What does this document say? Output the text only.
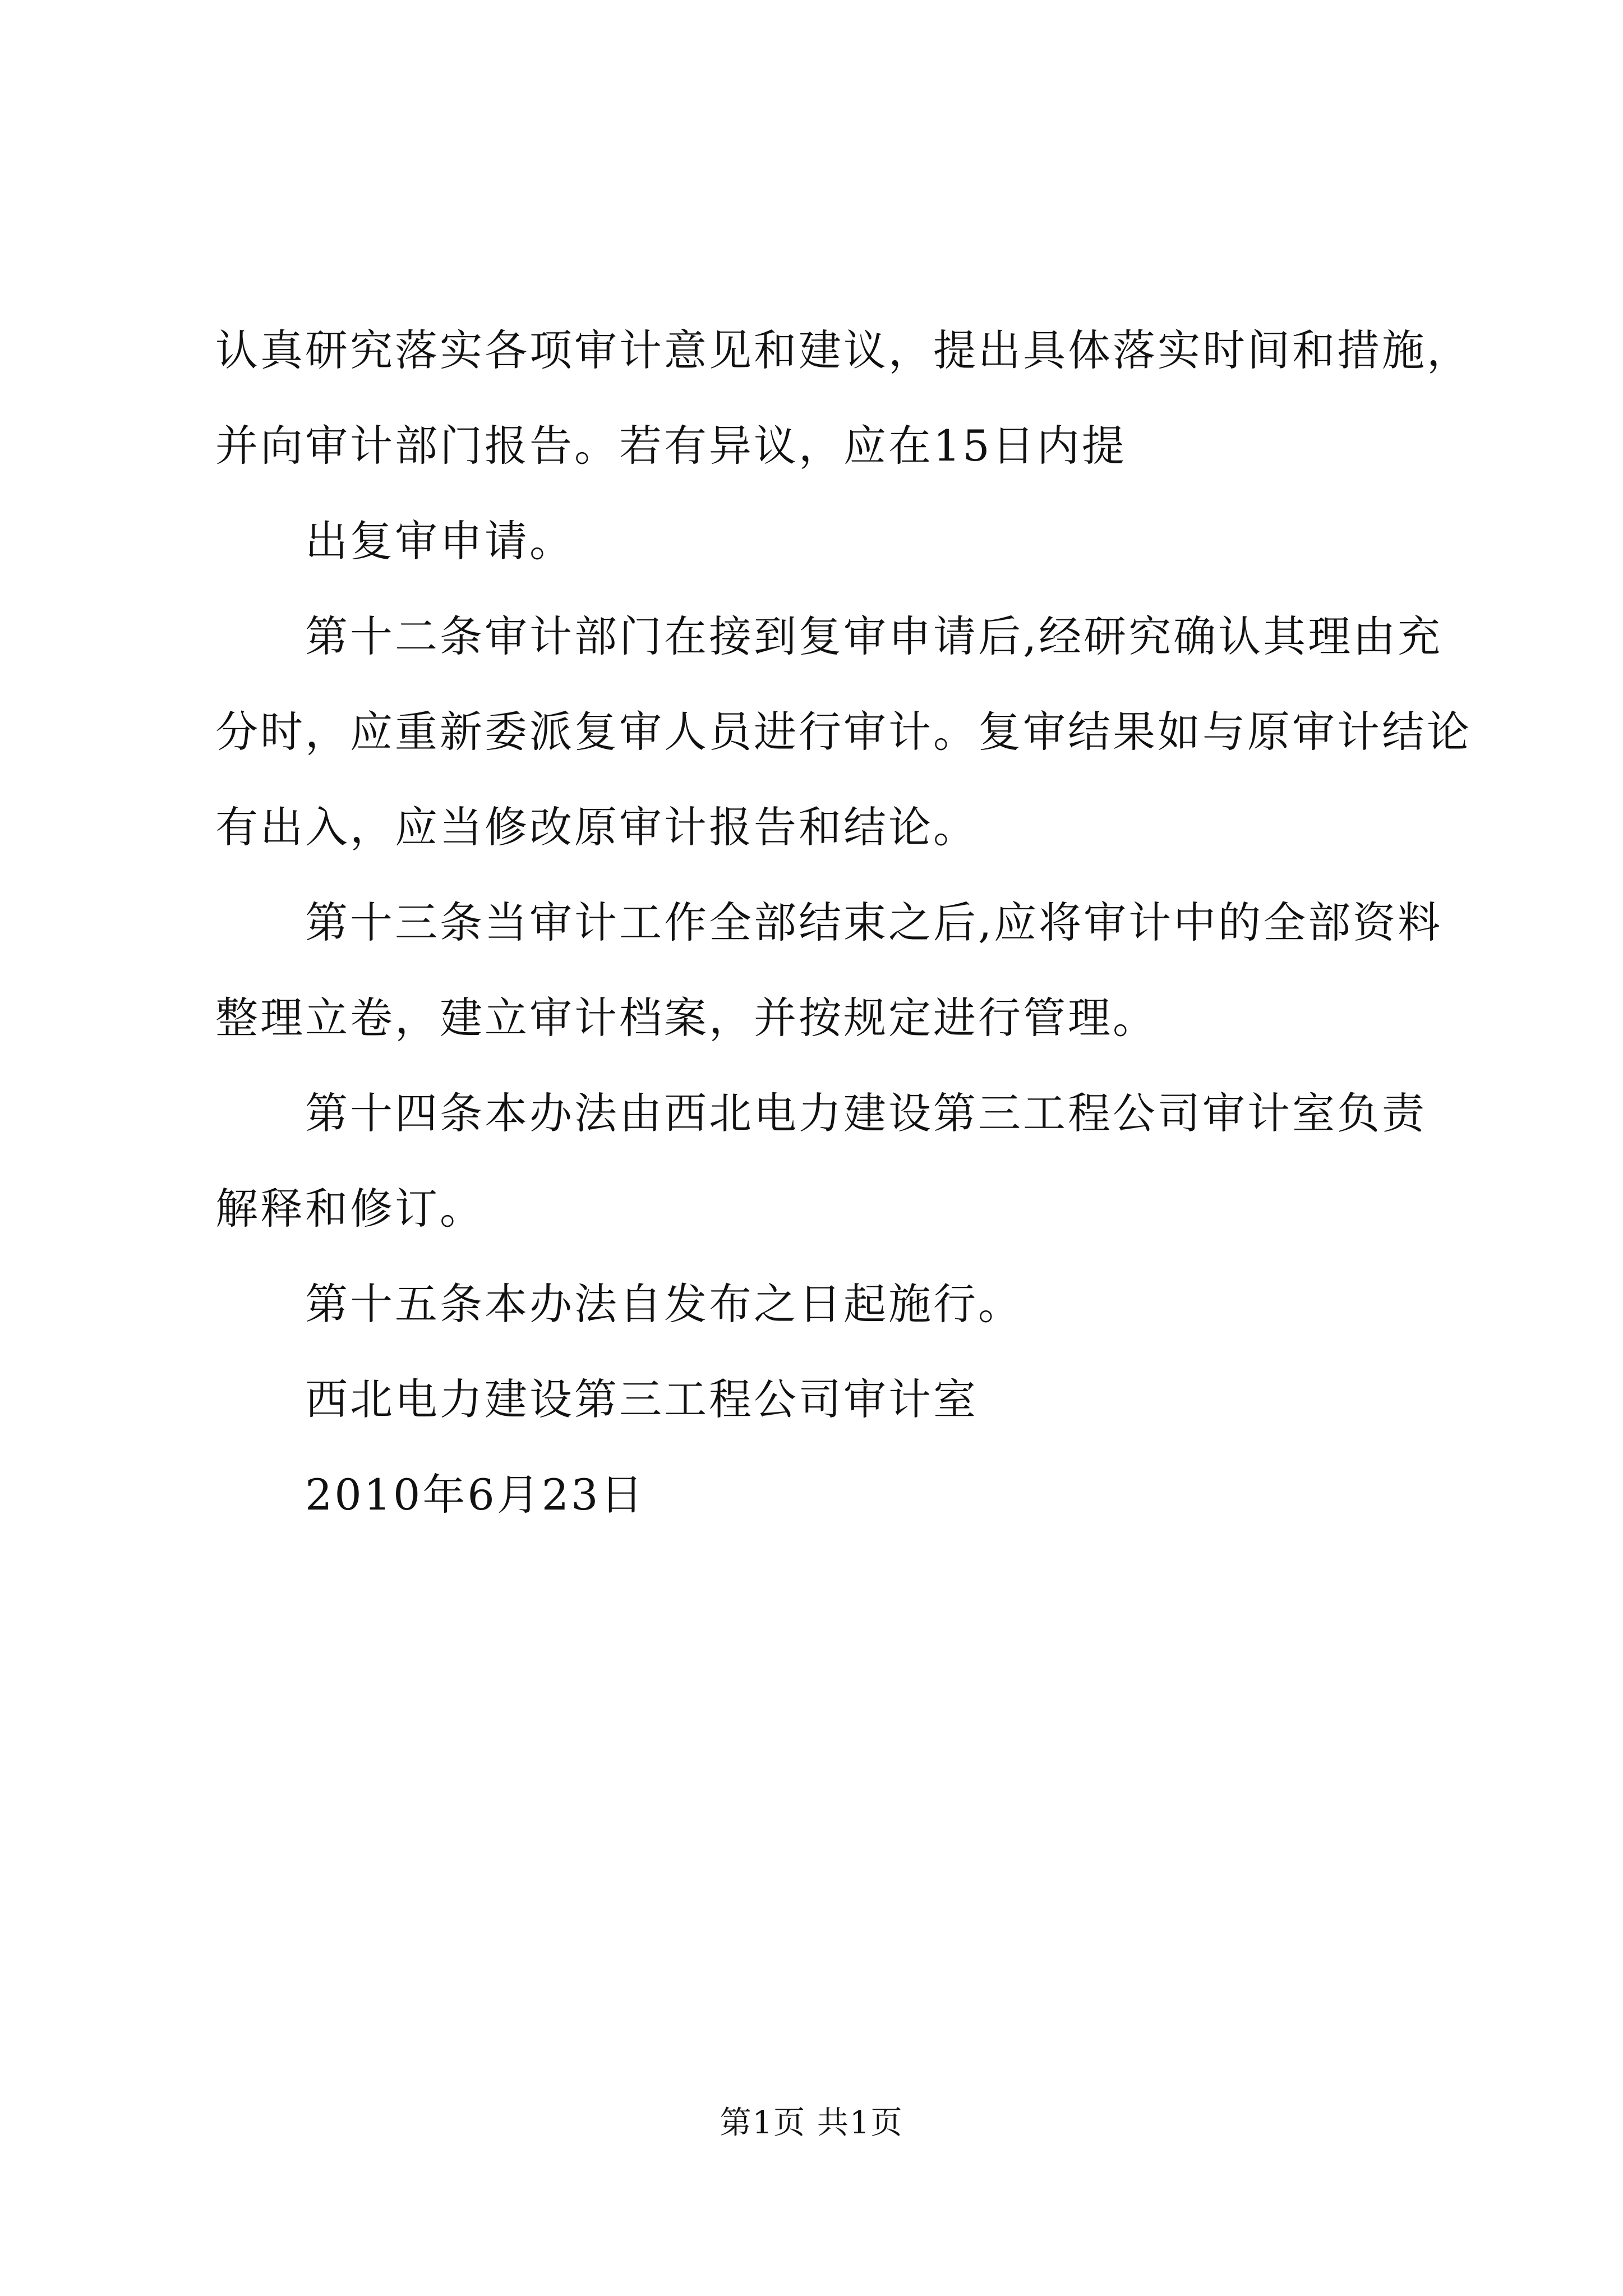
认真研究落实各项审计意见和建议，提出具体落实时间和措施，
并向审计部门报告。若有异议，应在15日内提
出复审申请。
第十二条审计部门在接到复审申请后,经研究确认其理由充
分时，应重新委派复审人员进行审计。复审结果如与原审计结论
有出入，应当修改原审计报告和结论。
第十三条当审计工作全部结束之后,应将审计中的全部资料
整理立卷，建立审计档案，并按规定进行管理。
第十四条本办法由西北电力建设第三工程公司审计室负责
解释和修订。
第十五条本办法自发布之日起施行。
西北电力建设第三工程公司审计室
2010年6月23日
第1页 共1页
